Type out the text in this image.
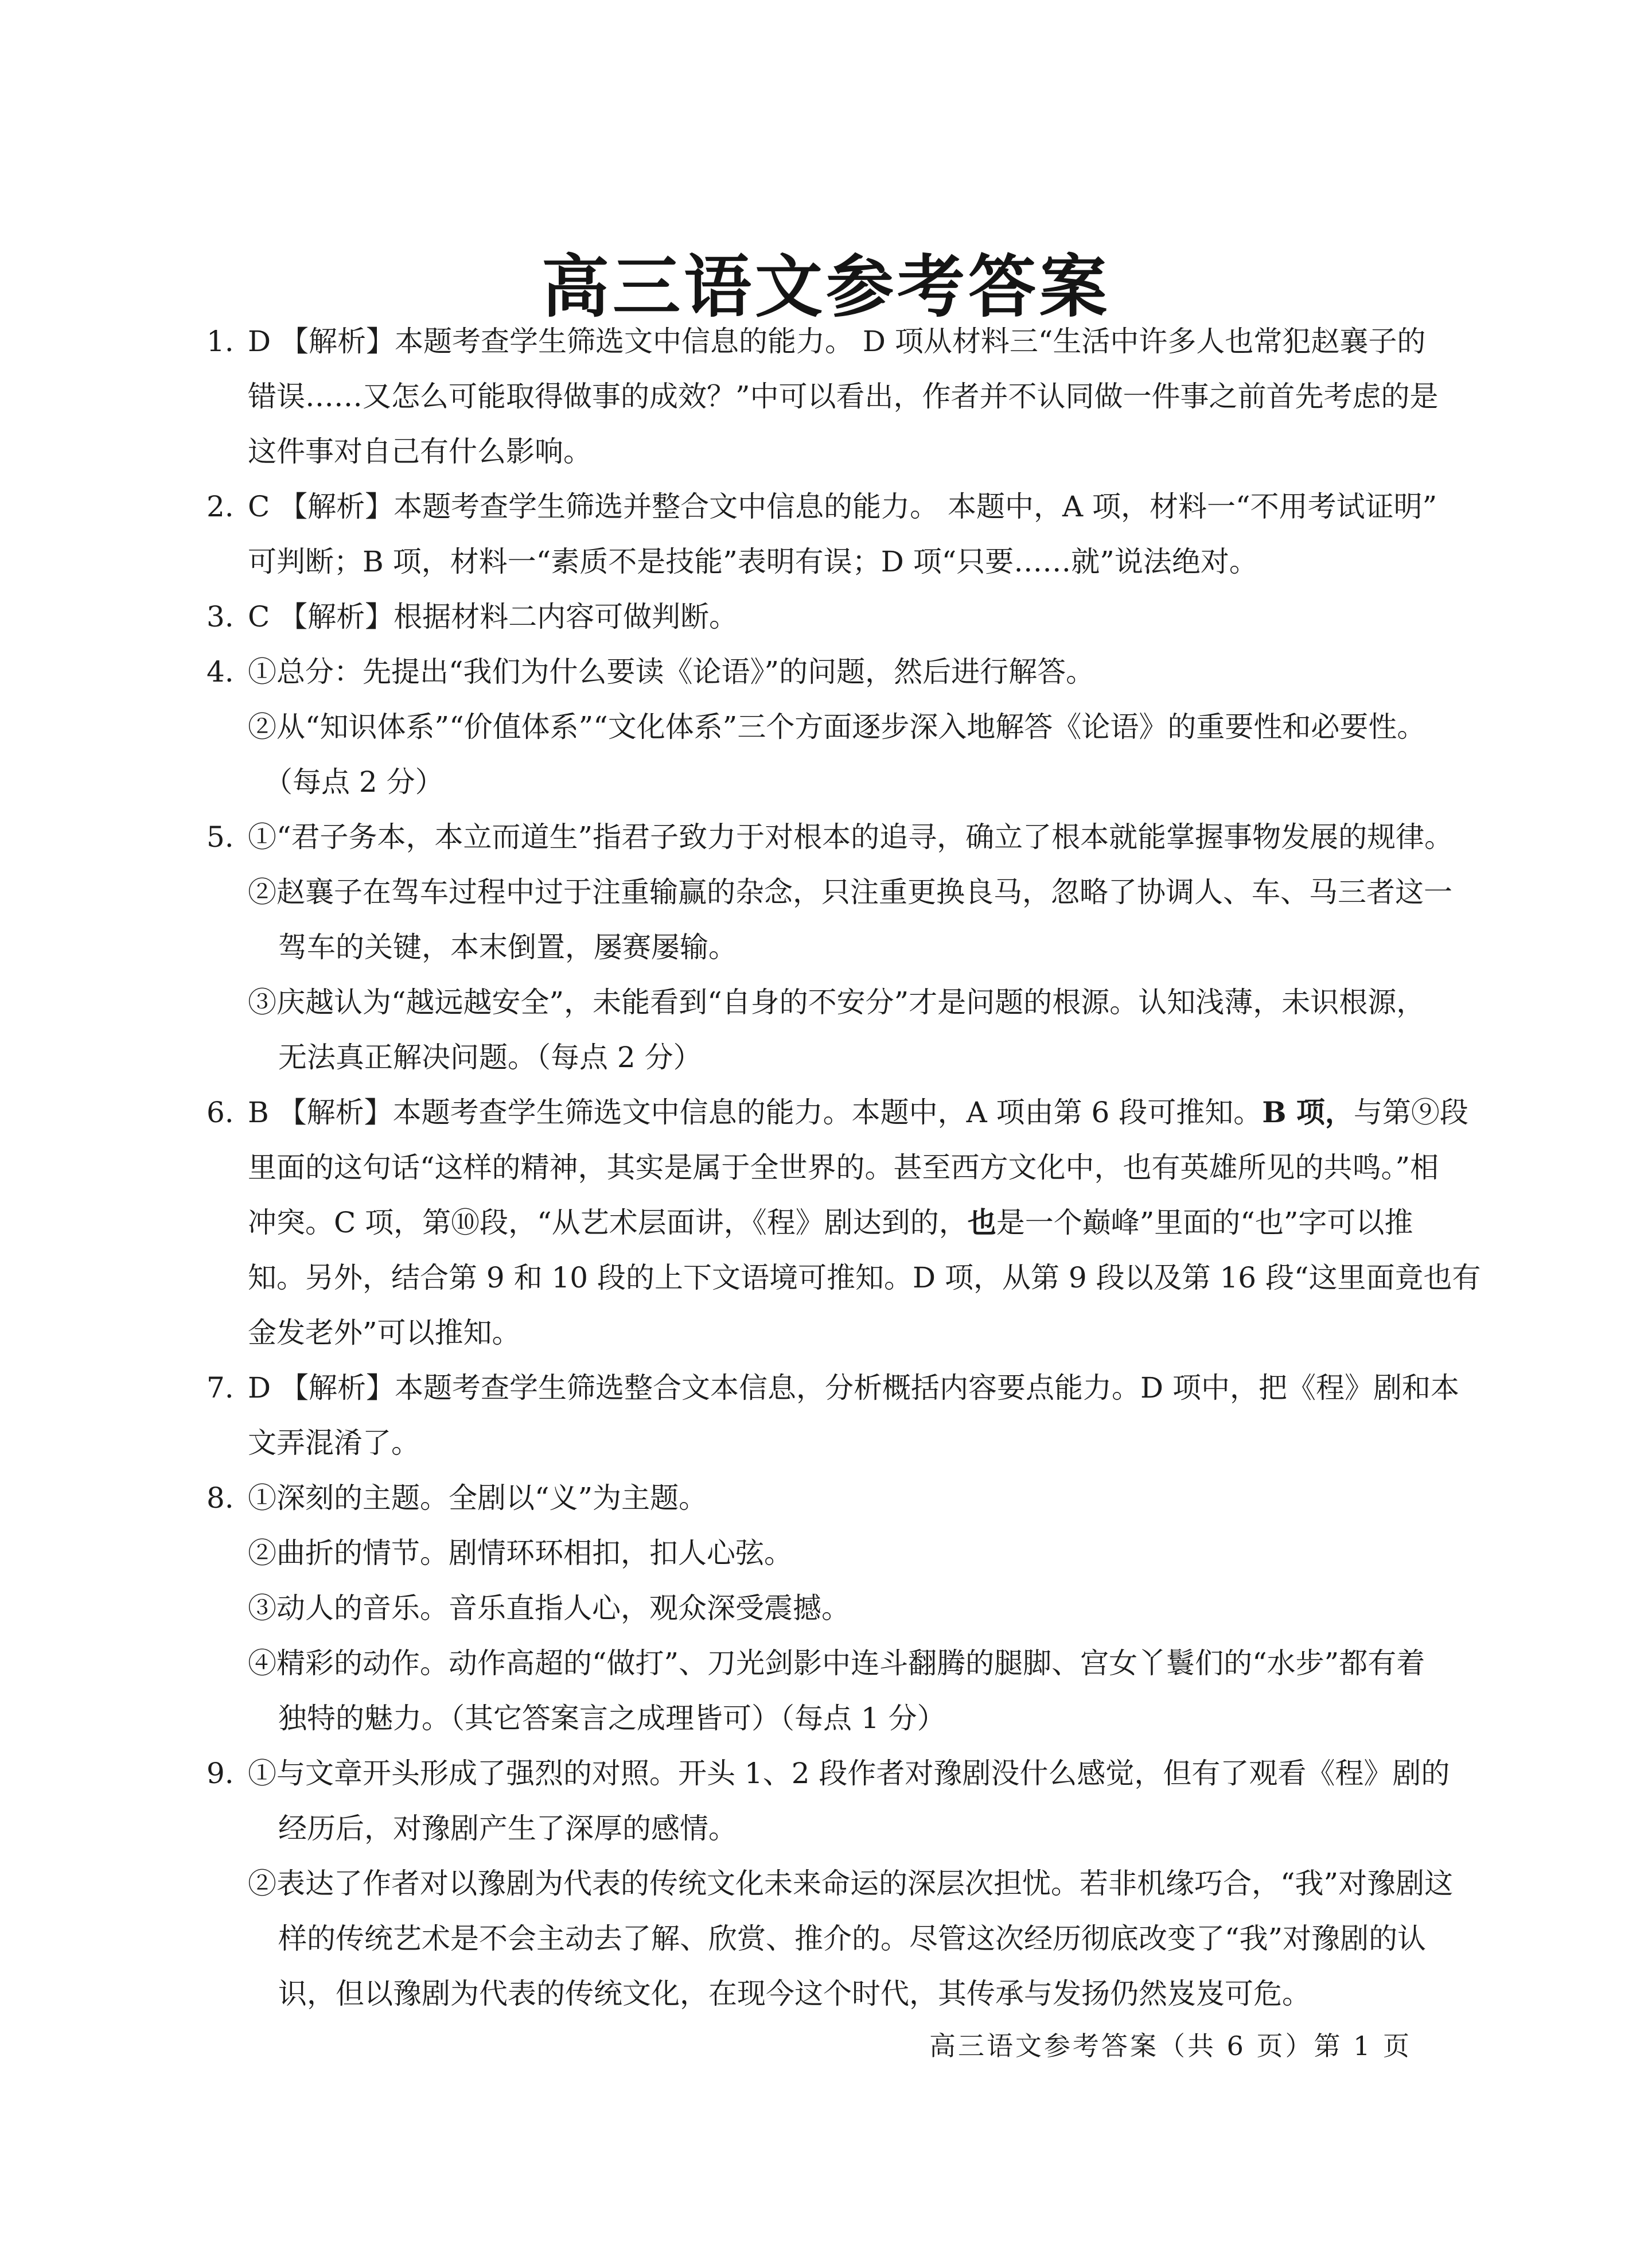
高三语文参考答案
1. D 【解析】本题考查学生筛选文中信息的能力。 D 项从材料三“生活中许多人也常犯赵襄子的
错误……又怎么可能取得做事的成效？”中可以看出，作者并不认同做一件事之前首先考虑的是
这件事对自己有什么影响。
2. C 【解析】本题考查学生筛选并整合文中信息的能力。 本题中，A 项，材料一“不用考试证明”
可判断；B 项，材料一“素质不是技能”表明有误；D 项“只要……就”说法绝对。
3. C 【解析】根据材料二内容可做判断。
4. ①总分：先提出“我们为什么要读《论语》”的问题，然后进行解答。
②从“知识体系”“价值体系”“文化体系”三个方面逐步深入地解答《论语》的重要性和必要性。
（每点 2 分）
5. ①“君子务本，本立而道生”指君子致力于对根本的追寻，确立了根本就能掌握事物发展的规律。
②赵襄子在驾车过程中过于注重输赢的杂念，只注重更换良马，忽略了协调人、车、马三者这一
驾车的关键，本末倒置，屡赛屡输。
③庆越认为“越远越安全”，未能看到“自身的不安分”才是问题的根源。认知浅薄，未识根源，
无法真正解决问题。（每点 2 分）
6. B 【解析】本题考查学生筛选文中信息的能力。本题中，A 项由第 6 段可推知。B 项，与第⑨段
里面的这句话“这样的精神，其实是属于全世界的。甚至西方文化中，也有英雄所见的共鸣。”相
冲突。C 项，第⑩段，“从艺术层面讲，《程》剧达到的，也是一个巅峰”里面的“也”字可以推
知。另外，结合第 9 和 10 段的上下文语境可推知。D 项，从第 9 段以及第 16 段“这里面竟也有
金发老外”可以推知。
7. D 【解析】本题考查学生筛选整合文本信息，分析概括内容要点能力。D 项中，把《程》剧和本
文弄混淆了。
8. ①深刻的主题。全剧以“义”为主题。
②曲折的情节。剧情环环相扣，扣人心弦。
③动人的音乐。音乐直指人心，观众深受震撼。
④精彩的动作。动作高超的“做打”、刀光剑影中连斗翻腾的腿脚、宫女丫鬟们的“水步”都有着
独特的魅力。（其它答案言之成理皆可）（每点 1 分）
9. ①与文章开头形成了强烈的对照。开头 1、2 段作者对豫剧没什么感觉，但有了观看《程》剧的
经历后，对豫剧产生了深厚的感情。
②表达了作者对以豫剧为代表的传统文化未来命运的深层次担忧。若非机缘巧合，“我”对豫剧这
样的传统艺术是不会主动去了解、欣赏、推介的。尽管这次经历彻底改变了“我”对豫剧的认
识，但以豫剧为代表的传统文化，在现今这个时代，其传承与发扬仍然岌岌可危。
高三语文参考答案（共 6 页）第 1 页
